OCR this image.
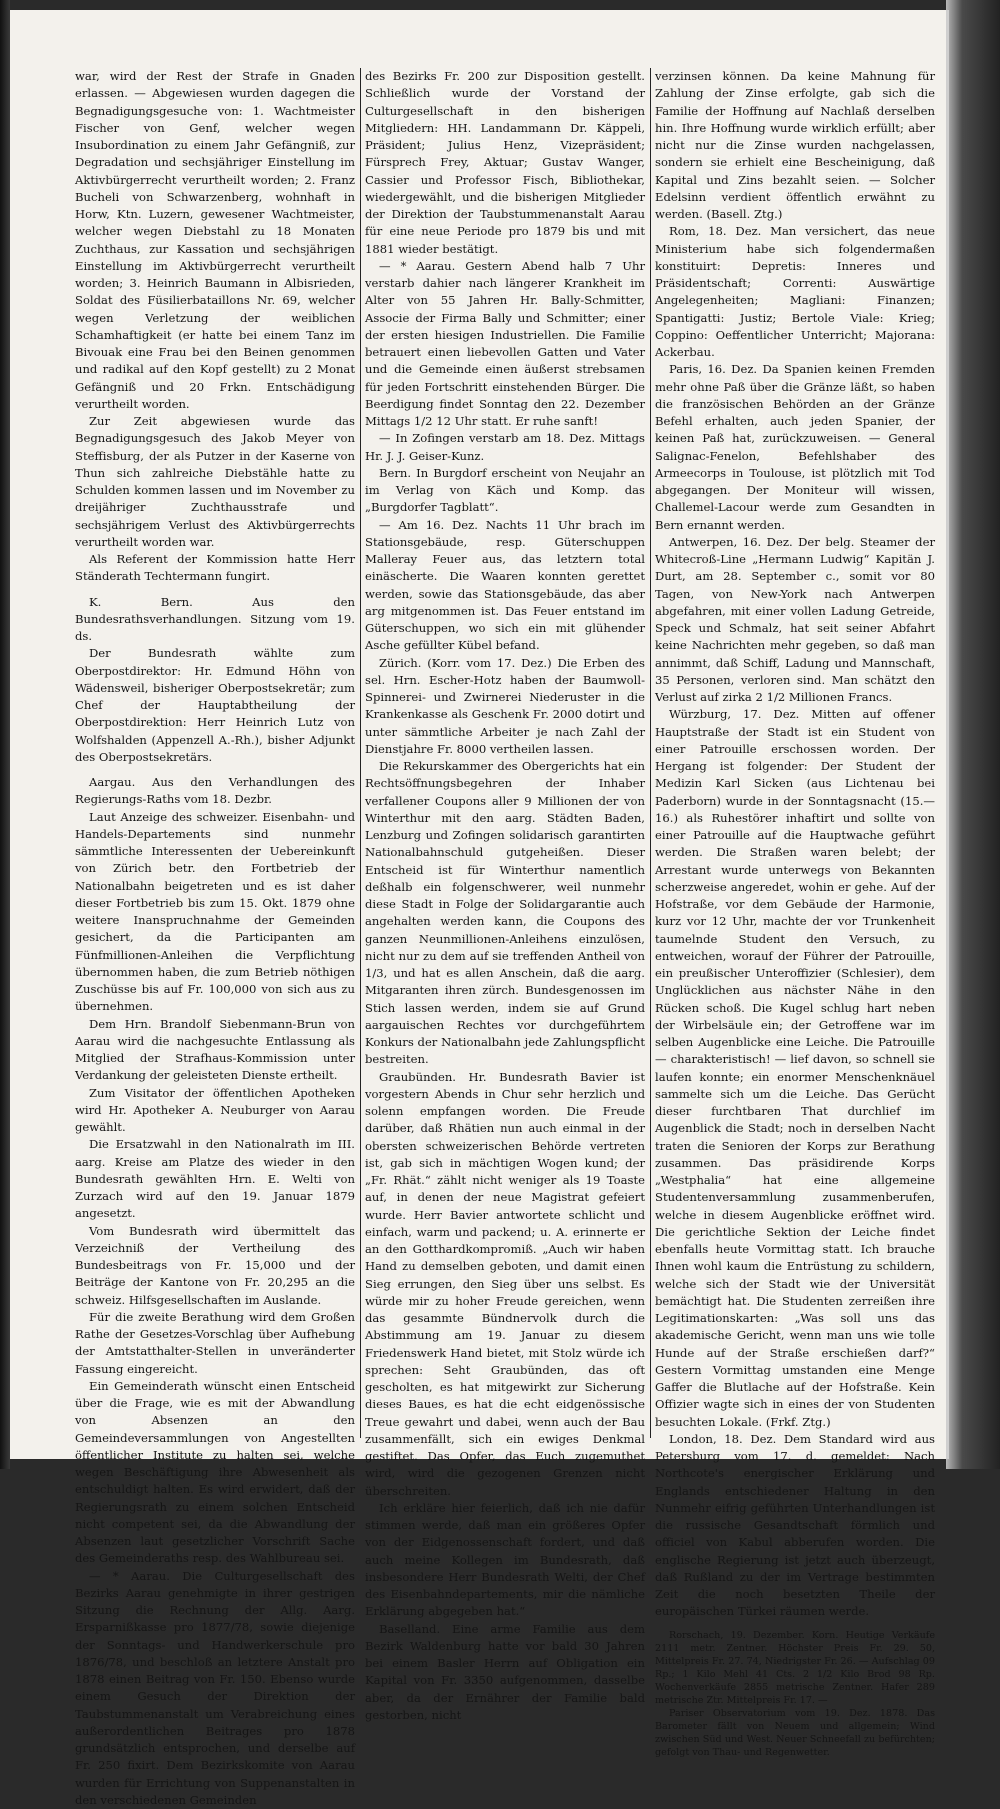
war, wird der Rest der Strafe in Gnaden erlassen. — Abgewiesen wurden dagegen die Begnadigungsgesuche von: 1. Wachtmeister Fischer von Genf, welcher wegen Insubordination zu einem Jahr Gefängniß, zur Degradation und sechsjähriger Einstellung im Aktivbürgerrecht verurtheilt worden; 2. Franz Bucheli von Schwarzenberg, wohnhaft in Horw, Ktn. Luzern, gewesener Wachtmeister, welcher wegen Diebstahl zu 18 Monaten Zuchthaus, zur Kassation und sechsjährigen Einstellung im Aktivbürgerrecht verurtheilt worden; 3. Heinrich Baumann in Albisrieden, Soldat des Füsilierbataillons Nr. 69, welcher wegen Verletzung der weiblichen Schamhaftigkeit (er hatte bei einem Tanz im Bivouak eine Frau bei den Beinen genommen und radikal auf den Kopf gestellt) zu 2 Monat Gefängniß und 20 Frkn. Entschädigung verurtheilt worden.

Zur Zeit abgewiesen wurde das Begnadigungsgesuch des Jakob Meyer von Steffisburg, der als Putzer in der Kaserne von Thun sich zahlreiche Diebstähle hatte zu Schulden kommen lassen und im November zu dreijähriger Zuchthausstrafe und sechsjährigem Verlust des Aktivbürgerrechts verurtheilt worden war.

Als Referent der Kommission hatte Herr Ständerath Techtermann fungirt.

K. Bern. Aus den Bundesrathsverhandlungen. Sitzung vom 19. ds.

Der Bundesrath wählte zum Oberpostdirektor: Hr. Edmund Höhn von Wädensweil, bisheriger Oberpostsekretär; zum Chef der Hauptabtheilung der Oberpostdirektion: Herr Heinrich Lutz von Wolfshalden (Appenzell A.-Rh.), bisher Adjunkt des Oberpostsekretärs.

Aargau. Aus den Verhandlungen des Regierungs-Raths vom 18. Dezbr.

Laut Anzeige des schweizer. Eisenbahn- und Handels-Departements sind nunmehr sämmtliche Interessenten der Uebereinkunft von Zürich betr. den Fortbetrieb der Nationalbahn beigetreten und es ist daher dieser Fortbetrieb bis zum 15. Okt. 1879 ohne weitere Inanspruchnahme der Gemeinden gesichert, da die Participanten am Fünfmillionen-Anleihen die Verpflichtung übernommen haben, die zum Betrieb nöthigen Zuschüsse bis auf Fr. 100,000 von sich aus zu übernehmen.

Dem Hrn. Brandolf Siebenmann-Brun von Aarau wird die nachgesuchte Entlassung als Mitglied der Strafhaus-Kommission unter Verdankung der geleisteten Dienste ertheilt.

Zum Visitator der öffentlichen Apotheken wird Hr. Apotheker A. Neuburger von Aarau gewählt.

Die Ersatzwahl in den Nationalrath im III. aarg. Kreise am Platze des wieder in den Bundesrath gewählten Hrn. E. Welti von Zurzach wird auf den 19. Januar 1879 angesetzt.

Vom Bundesrath wird übermittelt das Verzeichniß der Vertheilung des Bundesbeitrags von Fr. 15,000 und der Beiträge der Kantone von Fr. 20,295 an die schweiz. Hilfsgesellschaften im Auslande.

Für die zweite Berathung wird dem Großen Rathe der Gesetzes-Vorschlag über Aufhebung der Amtstatthalter-Stellen in unveränderter Fassung eingereicht.

Ein Gemeinderath wünscht einen Entscheid über die Frage, wie es mit der Abwandlung von Absenzen an den Gemeindeversammlungen von Angestellten öffentlicher Institute zu halten sei, welche wegen Beschäftigung ihre Abwesenheit als entschuldigt halten. Es wird erwidert, daß der Regierungsrath zu einem solchen Entscheid nicht competent sei, da die Abwandlung der Absenzen laut gesetzlicher Vorschrift Sache des Gemeinderaths resp. des Wahlbureau sei.

— * Aarau. Die Culturgesellschaft des Bezirks Aarau genehmigte in ihrer gestrigen Sitzung die Rechnung der Allg. Aarg. Ersparnißkasse pro 1877/78, sowie diejenige der Sonntags- und Handwerkerschule pro 1876/78, und beschloß an letztere Anstalt pro 1878 einen Beitrag von Fr. 150. Ebenso wurde einem Gesuch der Direktion der Taubstummenanstalt um Verabreichung eines außerordentlichen Beitrages pro 1878 grundsätzlich entsprochen, und derselbe auf Fr. 250 fixirt. Dem Bezirkskomite von Aarau wurden für Errichtung von Suppenanstalten in den verschiedenen Gemeinden

des Bezirks Fr. 200 zur Disposition gestellt. Schließlich wurde der Vorstand der Culturgesellschaft in den bisherigen Mitgliedern: HH. Landammann Dr. Käppeli, Präsident; Julius Henz, Vizepräsident; Fürsprech Frey, Aktuar; Gustav Wanger, Cassier und Professor Fisch, Bibliothekar, wiedergewählt, und die bisherigen Mitglieder der Direktion der Taubstummenanstalt Aarau für eine neue Periode pro 1879 bis und mit 1881 wieder bestätigt.

— * Aarau. Gestern Abend halb 7 Uhr verstarb dahier nach längerer Krankheit im Alter von 55 Jahren Hr. Bally-Schmitter, Associe der Firma Bally und Schmitter; einer der ersten hiesigen Industriellen. Die Familie betrauert einen liebevollen Gatten und Vater und die Gemeinde einen äußerst strebsamen für jeden Fortschritt einstehenden Bürger. Die Beerdigung findet Sonntag den 22. Dezember Mittags 1/2 12 Uhr statt. Er ruhe sanft!

— In Zofingen verstarb am 18. Dez. Mittags Hr. J. J. Geiser-Kunz.

Bern. In Burgdorf erscheint von Neujahr an im Verlag von Käch und Komp. das „Burgdorfer Tagblatt“.

— Am 16. Dez. Nachts 11 Uhr brach im Stationsgebäude, resp. Güterschuppen Malleray Feuer aus, das letztern total einäscherte. Die Waaren konnten gerettet werden, sowie das Stationsgebäude, das aber arg mitgenommen ist. Das Feuer entstand im Güterschuppen, wo sich ein mit glühender Asche gefüllter Kübel befand.

Zürich. (Korr. vom 17. Dez.) Die Erben des sel. Hrn. Escher-Hotz haben der Baumwoll-Spinnerei- und Zwirnerei Niederuster in die Krankenkasse als Geschenk Fr. 2000 dotirt und unter sämmtliche Arbeiter je nach Zahl der Dienstjahre Fr. 8000 vertheilen lassen.

Die Rekurskammer des Obergerichts hat ein Rechtsöffnungsbegehren der Inhaber verfallener Coupons aller 9 Millionen der von Winterthur mit den aarg. Städten Baden, Lenzburg und Zofingen solidarisch garantirten Nationalbahnschuld gutgeheißen. Dieser Entscheid ist für Winterthur namentlich deßhalb ein folgenschwerer, weil nunmehr diese Stadt in Folge der Solidargarantie auch angehalten werden kann, die Coupons des ganzen Neunmillionen-Anleihens einzulösen, nicht nur zu dem auf sie treffenden Antheil von 1/3, und hat es allen Anschein, daß die aarg. Mitgaranten ihren zürch. Bundesgenossen im Stich lassen werden, indem sie auf Grund aargauischen Rechtes vor durchgeführtem Konkurs der Nationalbahn jede Zahlungspflicht bestreiten.

Graubünden. Hr. Bundesrath Bavier ist vorgestern Abends in Chur sehr herzlich und solenn empfangen worden. Die Freude darüber, daß Rhätien nun auch einmal in der obersten schweizerischen Behörde vertreten ist, gab sich in mächtigen Wogen kund; der „Fr. Rhät.“ zählt nicht weniger als 19 Toaste auf, in denen der neue Magistrat gefeiert wurde. Herr Bavier antwortete schlicht und einfach, warm und packend; u. A. erinnerte er an den Gotthardkompromiß. „Auch wir haben Hand zu demselben geboten, und damit einen Sieg errungen, den Sieg über uns selbst. Es würde mir zu hoher Freude gereichen, wenn das gesammte Bündnervolk durch die Abstimmung am 19. Januar zu diesem Friedenswerk Hand bietet, mit Stolz würde ich sprechen: Seht Graubünden, das oft gescholten, es hat mitgewirkt zur Sicherung dieses Baues, es hat die echt eidgenössische Treue gewahrt und dabei, wenn auch der Bau zusammenfällt, sich ein ewiges Denkmal gestiftet. Das Opfer, das Euch zugemuthet wird, wird die gezogenen Grenzen nicht überschreiten.

Ich erkläre hier feierlich, daß ich nie dafür stimmen werde, daß man ein größeres Opfer von der Eidgenossenschaft fordert, und daß auch meine Kollegen im Bundesrath, daß insbesondere Herr Bundesrath Welti, der Chef des Eisenbahndepartements, mir die nämliche Erklärung abgegeben hat.“

Baselland. Eine arme Familie aus dem Bezirk Waldenburg hatte vor bald 30 Jahren bei einem Basler Herrn auf Obligation ein Kapital von Fr. 3350 aufgenommen, dasselbe aber, da der Ernährer der Familie bald gestorben, nicht

verzinsen können. Da keine Mahnung für Zahlung der Zinse erfolgte, gab sich die Familie der Hoffnung auf Nachlaß derselben hin. Ihre Hoffnung wurde wirklich erfüllt; aber nicht nur die Zinse wurden nachgelassen, sondern sie erhielt eine Bescheinigung, daß Kapital und Zins bezahlt seien. — Solcher Edelsinn verdient öffentlich erwähnt zu werden. (Basell. Ztg.)

Rom, 18. Dez. Man versichert, das neue Ministerium habe sich folgendermaßen konstituirt: Depretis: Inneres und Präsidentschaft; Correnti: Auswärtige Angelegenheiten; Magliani: Finanzen; Spantigatti: Justiz; Bertole Viale: Krieg; Coppino: Oeffentlicher Unterricht; Majorana: Ackerbau.

Paris, 16. Dez. Da Spanien keinen Fremden mehr ohne Paß über die Gränze läßt, so haben die französischen Behörden an der Gränze Befehl erhalten, auch jeden Spanier, der keinen Paß hat, zurückzuweisen. — General Salignac-Fenelon, Befehlshaber des Armeecorps in Toulouse, ist plötzlich mit Tod abgegangen. Der Moniteur will wissen, Challemel-Lacour werde zum Gesandten in Bern ernannt werden.

Antwerpen, 16. Dez. Der belg. Steamer der Whitecroß-Line „Hermann Ludwig“ Kapitän J. Durt, am 28. September c., somit vor 80 Tagen, von New-York nach Antwerpen abgefahren, mit einer vollen Ladung Getreide, Speck und Schmalz, hat seit seiner Abfahrt keine Nachrichten mehr gegeben, so daß man annimmt, daß Schiff, Ladung und Mannschaft, 35 Personen, verloren sind. Man schätzt den Verlust auf zirka 2 1/2 Millionen Francs.

Würzburg, 17. Dez. Mitten auf offener Hauptstraße der Stadt ist ein Student von einer Patrouille erschossen worden. Der Hergang ist folgender: Der Student der Medizin Karl Sicken (aus Lichtenau bei Paderborn) wurde in der Sonntagsnacht (15.—16.) als Ruhestörer inhaftirt und sollte von einer Patrouille auf die Hauptwache geführt werden. Die Straßen waren belebt; der Arrestant wurde unterwegs von Bekannten scherzweise angeredet, wohin er gehe. Auf der Hofstraße, vor dem Gebäude der Harmonie, kurz vor 12 Uhr, machte der vor Trunkenheit taumelnde Student den Versuch, zu entweichen, worauf der Führer der Patrouille, ein preußischer Unteroffizier (Schlesier), dem Unglücklichen aus nächster Nähe in den Rücken schoß. Die Kugel schlug hart neben der Wirbelsäule ein; der Getroffene war im selben Augenblicke eine Leiche. Die Patrouille — charakteristisch! — lief davon, so schnell sie laufen konnte; ein enormer Menschenknäuel sammelte sich um die Leiche. Das Gerücht dieser furchtbaren That durchlief im Augenblick die Stadt; noch in derselben Nacht traten die Senioren der Korps zur Berathung zusammen. Das präsidirende Korps „Westphalia“ hat eine allgemeine Studentenversammlung zusammenberufen, welche in diesem Augenblicke eröffnet wird. Die gerichtliche Sektion der Leiche findet ebenfalls heute Vormittag statt. Ich brauche Ihnen wohl kaum die Entrüstung zu schildern, welche sich der Stadt wie der Universität bemächtigt hat. Die Studenten zerreißen ihre Legitimationskarten: „Was soll uns das akademische Gericht, wenn man uns wie tolle Hunde auf der Straße erschießen darf?“ Gestern Vormittag umstanden eine Menge Gaffer die Blutlache auf der Hofstraße. Kein Offizier wagte sich in eines der von Studenten besuchten Lokale. (Frkf. Ztg.)

London, 18. Dez. Dem Standard wird aus Petersburg vom 17. d. gemeldet: Nach Northcote's energischer Erklärung und Englands entschiedener Haltung in den Nunmehr eifrig geführten Unterhandlungen ist die russische Gesandtschaft förmlich und officiel von Kabul abberufen worden. Die englische Regierung ist jetzt auch überzeugt, daß Rußland zu der im Vertrage bestimmten Zeit die noch besetzten Theile der europäischen Türkei räumen werde.

Rorschach, 19. Dezember. Korn. Heutige Verkäufe 2111 metr. Zentner. Höchster Preis Fr. 29. 50, Mittelpreis Fr. 27. 74, Niedrigster Fr. 26. — Aufschlag 09 Rp.; 1 Kilo Mehl 41 Cts. 2 1/2 Kilo Brod 98 Rp. Wochenverkäufe 2855 metrische Zentner. Hafer 289 metrische Ztr. Mittelpreis Fr. 17. —

Pariser Observatorium vom 19. Dez. 1878. Das Barometer fällt von Neuem und allgemein; Wind zwischen Süd und West. Neuer Schneefall zu befürchten; gefolgt von Thau- und Regenwetter.
